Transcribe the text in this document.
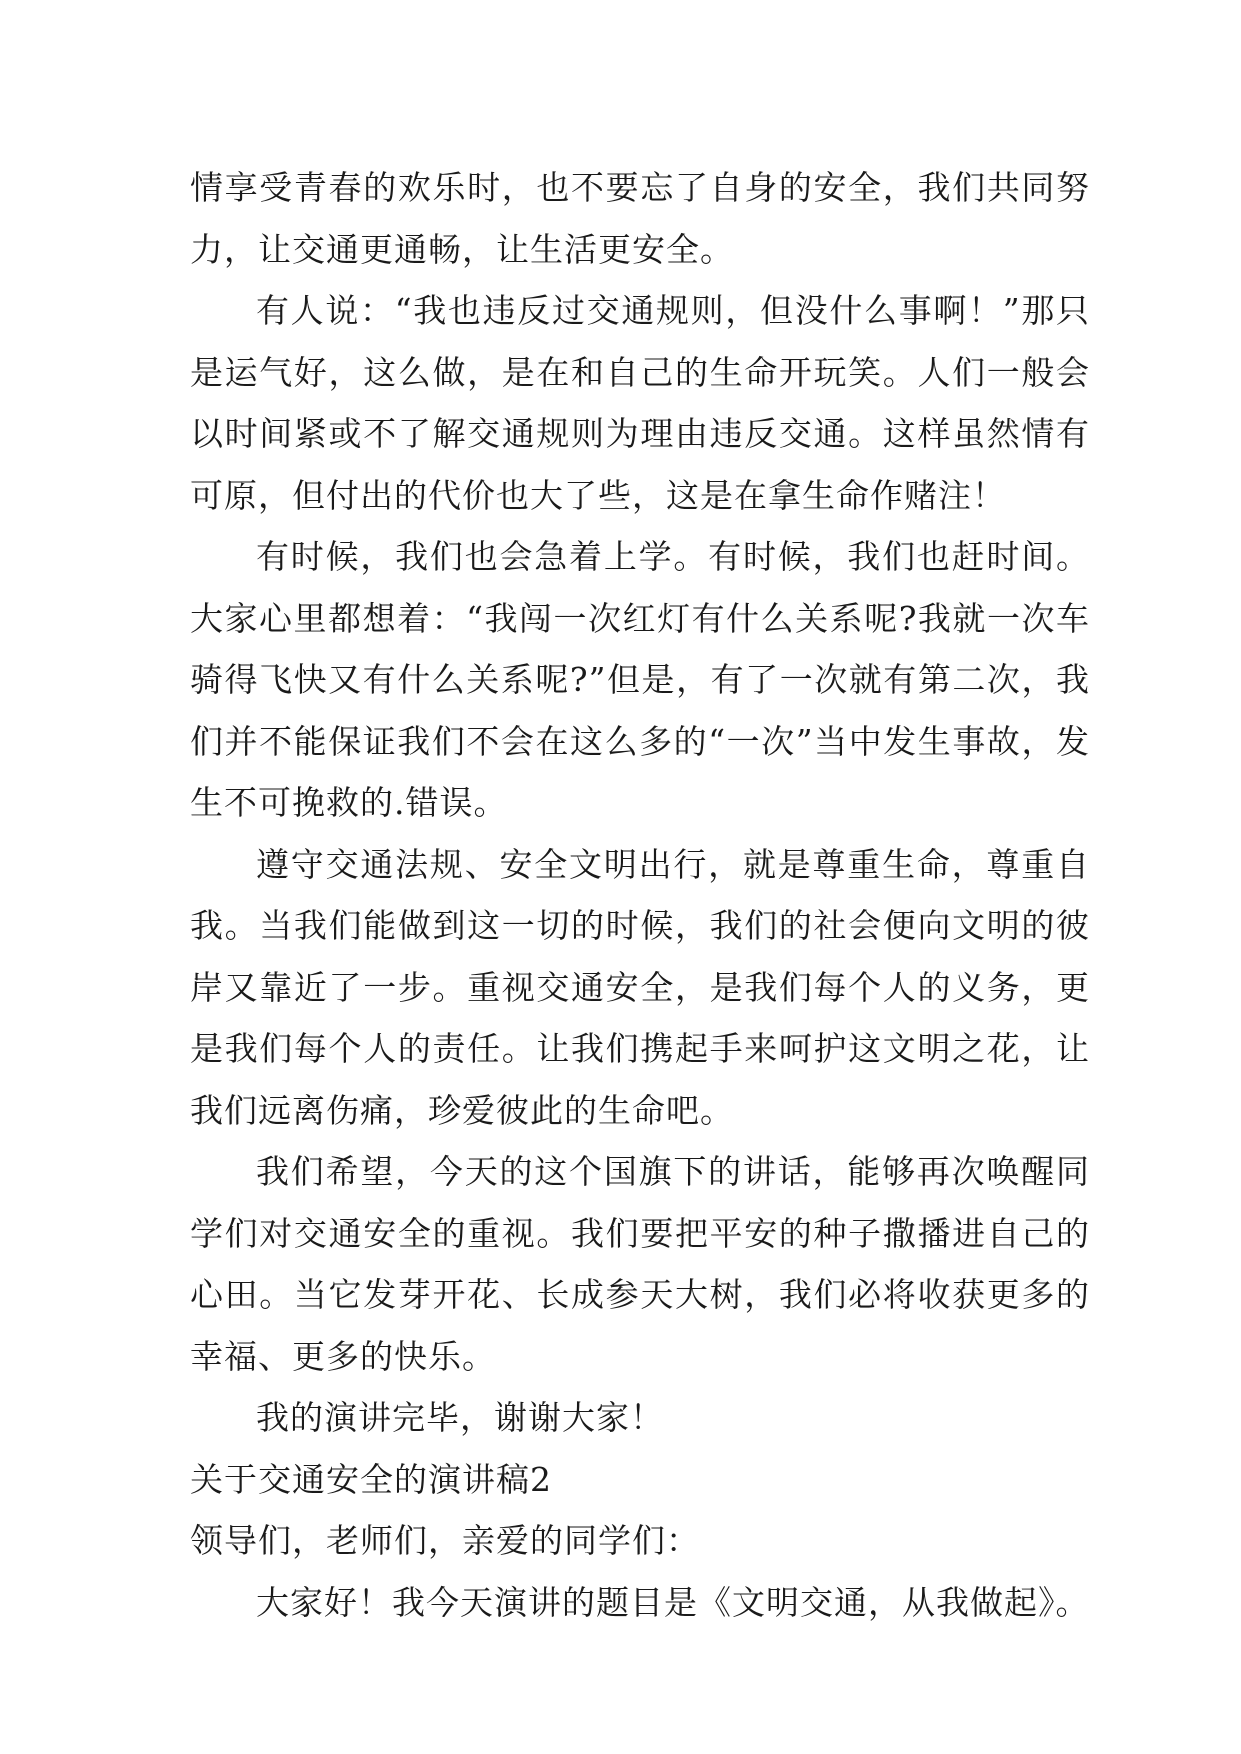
情享受青春的欢乐时，也不要忘了自身的安全，我们共同努力，让交通更通畅，让生活更安全。

有人说：“我也违反过交通规则，但没什么事啊！”那只是运气好，这么做，是在和自己的生命开玩笑。人们一般会以时间紧或不了解交通规则为理由违反交通。这样虽然情有可原，但付出的代价也大了些，这是在拿生命作赌注！

有时候，我们也会急着上学。有时候，我们也赶时间。大家心里都想着：“我闯一次红灯有什么关系呢?我就一次车骑得飞快又有什么关系呢?”但是，有了一次就有第二次，我们并不能保证我们不会在这么多的“一次”当中发生事故，发生不可挽救的.错误。

遵守交通法规、安全文明出行，就是尊重生命，尊重自我。当我们能做到这一切的时候，我们的社会便向文明的彼岸又靠近了一步。重视交通安全，是我们每个人的义务，更是我们每个人的责任。让我们携起手来呵护这文明之花，让我们远离伤痛，珍爱彼此的生命吧。

我们希望，今天的这个国旗下的讲话，能够再次唤醒同学们对交通安全的重视。我们要把平安的种子撒播进自己的心田。当它发芽开花、长成参天大树，我们必将收获更多的幸福、更多的快乐。

我的演讲完毕，谢谢大家！

关于交通安全的演讲稿2

领导们，老师们，亲爱的同学们：

大家好！我今天演讲的题目是《文明交通，从我做起》。
